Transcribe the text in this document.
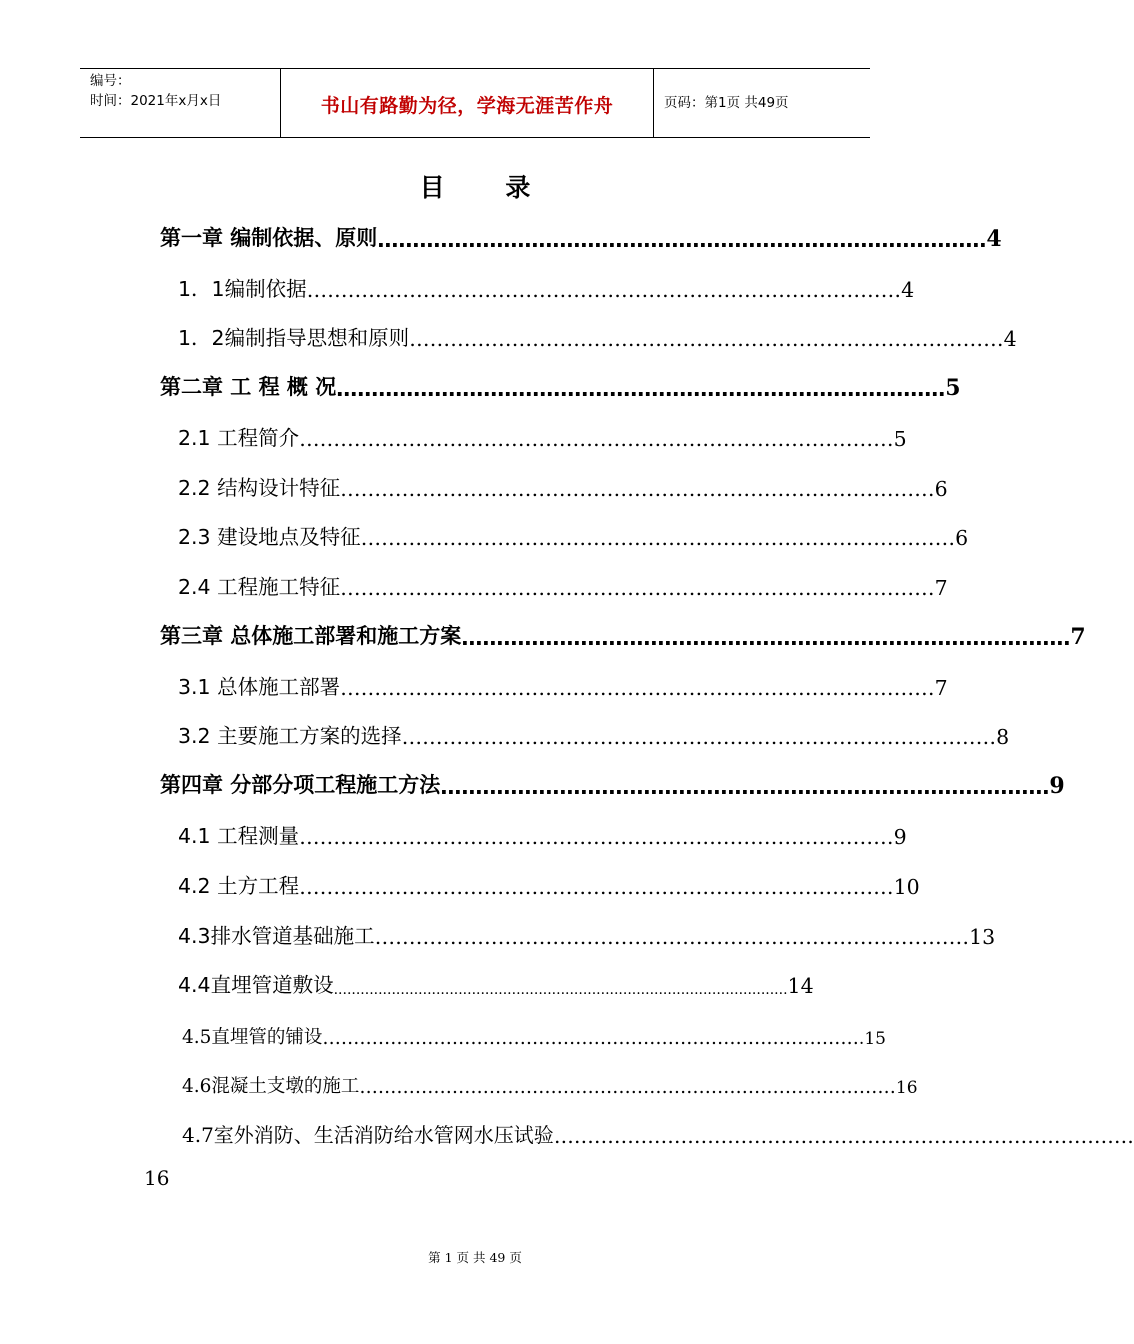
编号：
时间：2021年x月x日	书山有路勤为径，学海无涯苦作舟	页码：第1页 共49页
目 录
第一章 编制依据、原则 …………………………………………………………………………… 4
1．1编制依据 …………………………………………………………………………… 4
1．2编制指导思想和原则 …………………………………………………………………………… 4
第二章 工 程 概 况 …………………………………………………………………………… 5
2.1 工程简介 …………………………………………………………………………… 5
2.2 结构设计特征 …………………………………………………………………………… 6
2.3 建设地点及特征 …………………………………………………………………………… 6
2.4 工程施工特征 …………………………………………………………………………… 7
第三章 总体施工部署和施工方案 …………………………………………………………………………… 7
3.1 总体施工部署 …………………………………………………………………………… 7
3.2 主要施工方案的选择 …………………………………………………………………………… 8
第四章 分部分项工程施工方法 …………………………………………………………………………… 9
4.1 工程测量 …………………………………………………………………………… 9
4.2 土方工程 …………………………………………………………………………… 10
4.3排水管道基础施工 …………………………………………………………………………… 13
4.4直埋管道敷设 ...................................................................................................... 14
4.5直埋管的铺设 …………………………………………………………………………… .15
4.6混凝土支墩的施工 …………………………………………………………………………… 16
4.7室外消防、生活消防给水管网水压试验 ……………………………………………………………………………
16
第 1 页 共 49 页
